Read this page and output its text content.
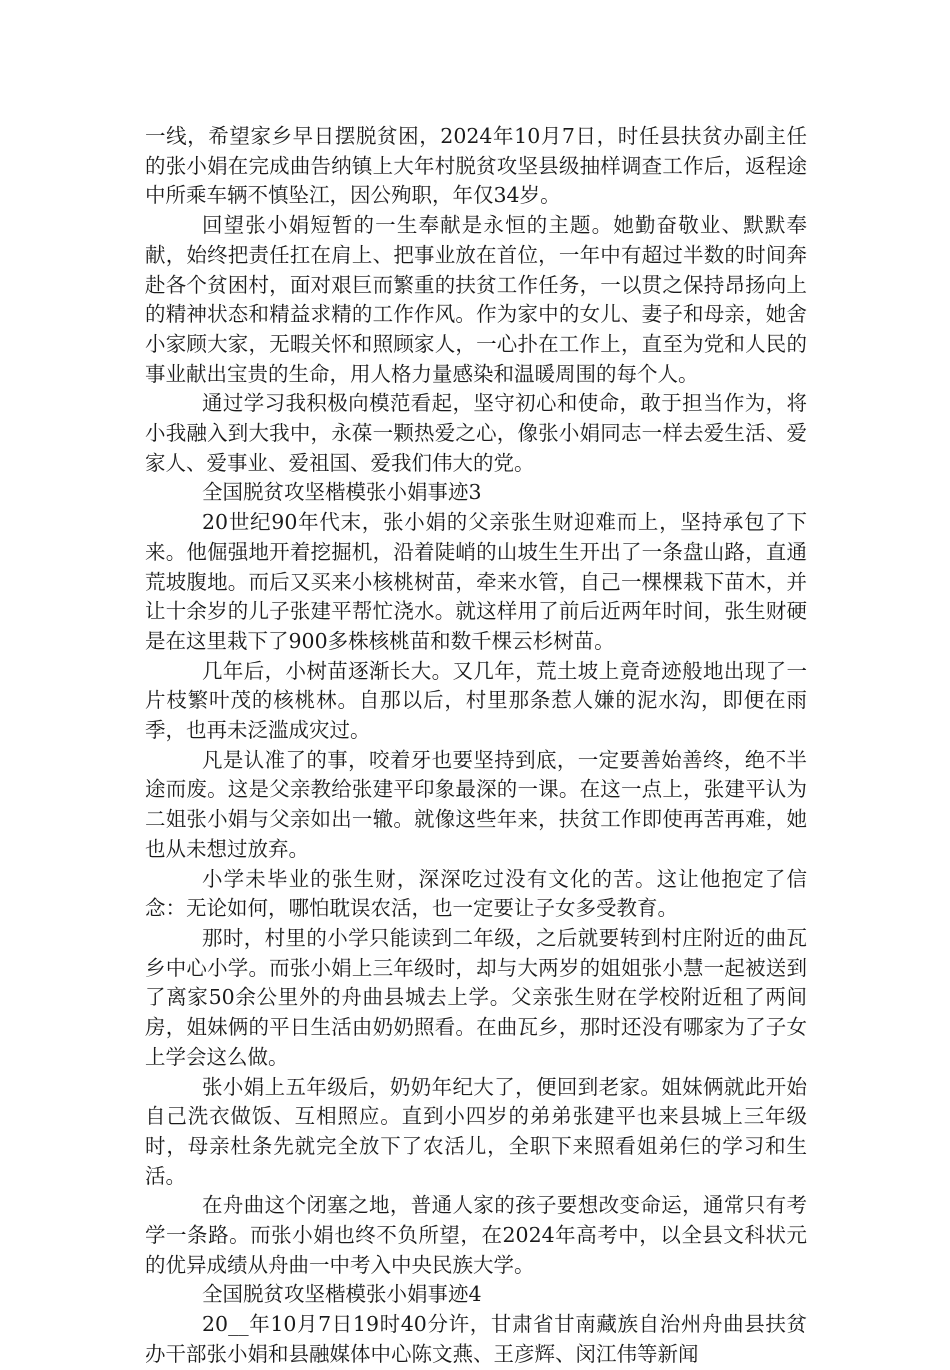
一线，希望家乡早日摆脱贫困，2024年10月7日，时任县扶贫办副主任的张小娟在完成曲告纳镇上大年村脱贫攻坚县级抽样调查工作后，返程途中所乘车辆不慎坠江，因公殉职，年仅34岁。

回望张小娟短暂的一生奉献是永恒的主题。她勤奋敬业、默默奉献，始终把责任扛在肩上、把事业放在首位，一年中有超过半数的时间奔赴各个贫困村，面对艰巨而繁重的扶贫工作任务，一以贯之保持昂扬向上的精神状态和精益求精的工作作风。作为家中的女儿、妻子和母亲，她舍小家顾大家，无暇关怀和照顾家人，一心扑在工作上，直至为党和人民的事业献出宝贵的生命，用人格力量感染和温暖周围的每个人。

通过学习我积极向模范看起，坚守初心和使命，敢于担当作为，将小我融入到大我中，永葆一颗热爱之心，像张小娟同志一样去爱生活、爱家人、爱事业、爱祖国、爱我们伟大的党。

全国脱贫攻坚楷模张小娟事迹3

20世纪90年代末，张小娟的父亲张生财迎难而上，坚持承包了下来。他倔强地开着挖掘机，沿着陡峭的山坡生生开出了一条盘山路，直通荒坡腹地。而后又买来小核桃树苗，牵来水管，自己一棵棵栽下苗木，并让十余岁的儿子张建平帮忙浇水。就这样用了前后近两年时间，张生财硬是在这里栽下了900多株核桃苗和数千棵云杉树苗。

几年后，小树苗逐渐长大。又几年，荒土坡上竟奇迹般地出现了一片枝繁叶茂的核桃林。自那以后，村里那条惹人嫌的泥水沟，即便在雨季，也再未泛滥成灾过。

凡是认准了的事，咬着牙也要坚持到底，一定要善始善终，绝不半途而废。这是父亲教给张建平印象最深的一课。在这一点上，张建平认为二姐张小娟与父亲如出一辙。就像这些年来，扶贫工作即使再苦再难，她也从未想过放弃。

小学未毕业的张生财，深深吃过没有文化的苦。这让他抱定了信念：无论如何，哪怕耽误农活，也一定要让子女多受教育。

那时，村里的小学只能读到二年级，之后就要转到村庄附近的曲瓦乡中心小学。而张小娟上三年级时，却与大两岁的姐姐张小慧一起被送到了离家50余公里外的舟曲县城去上学。父亲张生财在学校附近租了两间房，姐妹俩的平日生活由奶奶照看。在曲瓦乡，那时还没有哪家为了子女上学会这么做。

张小娟上五年级后，奶奶年纪大了，便回到老家。姐妹俩就此开始自己洗衣做饭、互相照应。直到小四岁的弟弟张建平也来县城上三年级时，母亲杜条先就完全放下了农活儿，全职下来照看姐弟仨的学习和生活。

在舟曲这个闭塞之地，普通人家的孩子要想改变命运，通常只有考学一条路。而张小娟也终不负所望，在2024年高考中，以全县文科状元的优异成绩从舟曲一中考入中央民族大学。

全国脱贫攻坚楷模张小娟事迹4

20__年10月7日19时40分许，甘肃省甘南藏族自治州舟曲县扶贫办干部张小娟和县融媒体中心陈文燕、王彦辉、闵江伟等新闻
